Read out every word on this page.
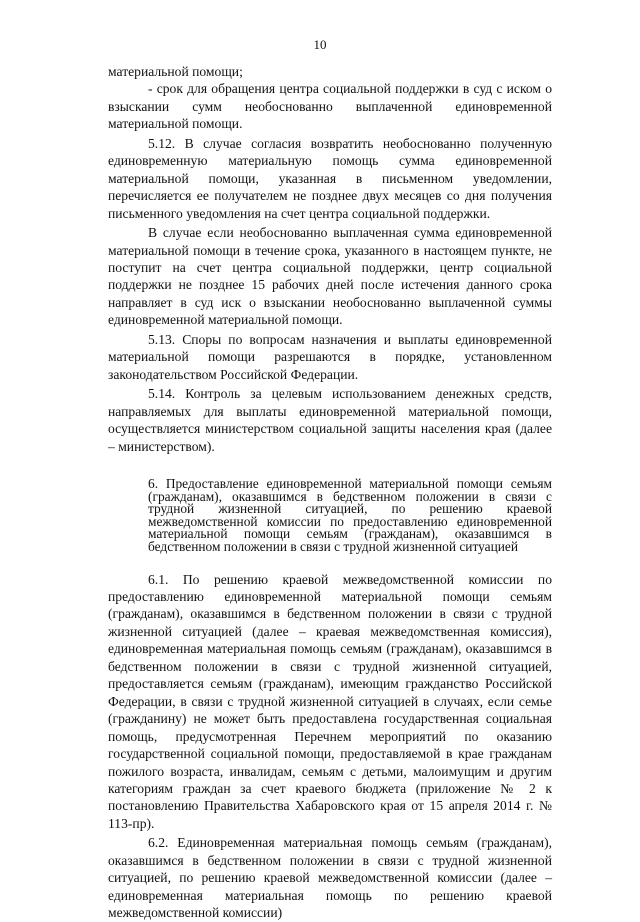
10

материальной помощи;

- срок для обращения центра социальной поддержки в суд с иском о взыскании сумм необоснованно выплаченной единовременной материальной помощи.

5.12. В случае согласия возвратить необоснованно полученную единовременную материальную помощь сумма единовременной материальной помощи, указанная в письменном уведомлении, перечисляется ее получателем не позднее двух месяцев со дня получения письменного уведомления на счет центра социальной поддержки.

В случае если необоснованно выплаченная сумма единовременной материальной помощи в течение срока, указанного в настоящем пункте, не поступит на счет центра социальной поддержки, центр социальной поддержки не позднее 15 рабочих дней после истечения данного срока направляет в суд иск о взыскании необоснованно выплаченной суммы единовременной материальной помощи.

5.13. Споры по вопросам назначения и выплаты единовременной материальной помощи разрешаются в порядке, установленном законодательством Российской Федерации.

5.14. Контроль за целевым использованием денежных средств, направляемых для выплаты единовременной материальной помощи, осуществляется министерством социальной защиты населения края (далее – министерством).

6. Предоставление единовременной материальной помощи семьям (гражданам), оказавшимся в бедственном положении в связи с трудной жизненной ситуацией, по решению краевой межведомственной комиссии по предоставлению единовременной материальной помощи семьям (гражданам), оказавшимся в бедственном положении в связи с трудной жизненной ситуацией

6.1. По решению краевой межведомственной комиссии по предоставлению единовременной материальной помощи семьям (гражданам), оказавшимся в бедственном положении в связи с трудной жизненной ситуацией (далее – краевая межведомственная комиссия), единовременная материальная помощь семьям (гражданам), оказавшимся в бедственном положении в связи с трудной жизненной ситуацией, предоставляется семьям (гражданам), имеющим гражданство Российской Федерации, в связи с трудной жизненной ситуацией в случаях, если семье (гражданину) не может быть предоставлена государственная социальная помощь, предусмотренная Перечнем мероприятий по оказанию государственной социальной помощи, предоставляемой в крае гражданам пожилого возраста, инвалидам, семьям с детьми, малоимущим и другим категориям граждан за счет краевого бюджета (приложение № 2 к постановлению Правительства Хабаровского края от 15 апреля 2014 г. № 113-пр).

6.2. Единовременная материальная помощь семьям (гражданам), оказавшимся в бедственном положении в связи с трудной жизненной ситуацией, по решению краевой межведомственной комиссии (далее – единовременная материальная помощь по решению краевой межведомственной комиссии)
